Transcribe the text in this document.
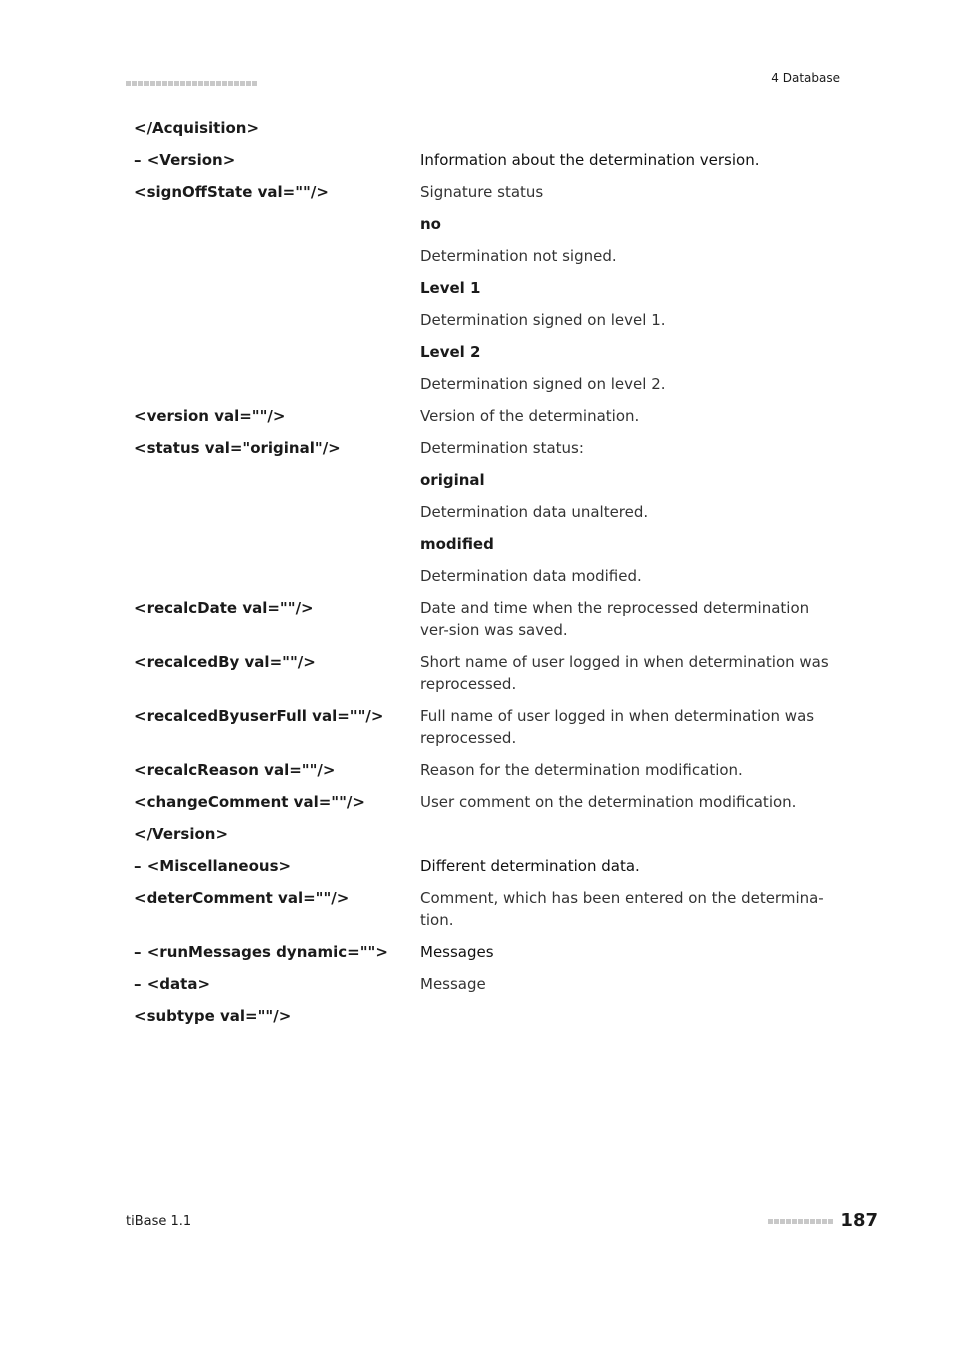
4 Database
</Acquisition>
– <Version>	Information about the determination version.
<signOffState val=""/>	Signature status
no
Determination not signed.
Level 1
Determination signed on level 1.
Level 2
Determination signed on level 2.
<version val=""/>	Version of the determination.
<status val="original"/>	Determination status:
original
Determination data unaltered.
modified
Determination data modified.
<recalcDate val=""/>	Date and time when the reprocessed determination ver-sion was saved.
<recalcedBy val=""/>	Short name of user logged in when determination was reprocessed.
<recalcedByuserFull val=""/>	Full name of user logged in when determination was reprocessed.
<recalcReason val=""/>	Reason for the determination modification.
<changeComment val=""/>	User comment on the determination modification.
</Version>
– <Miscellaneous>	Different determination data.
<deterComment val=""/>	Comment, which has been entered on the determina-tion.
– <runMessages dynamic="">	Messages
– <data>	Message
<subtype val=""/>
tiBase 1.1	187
